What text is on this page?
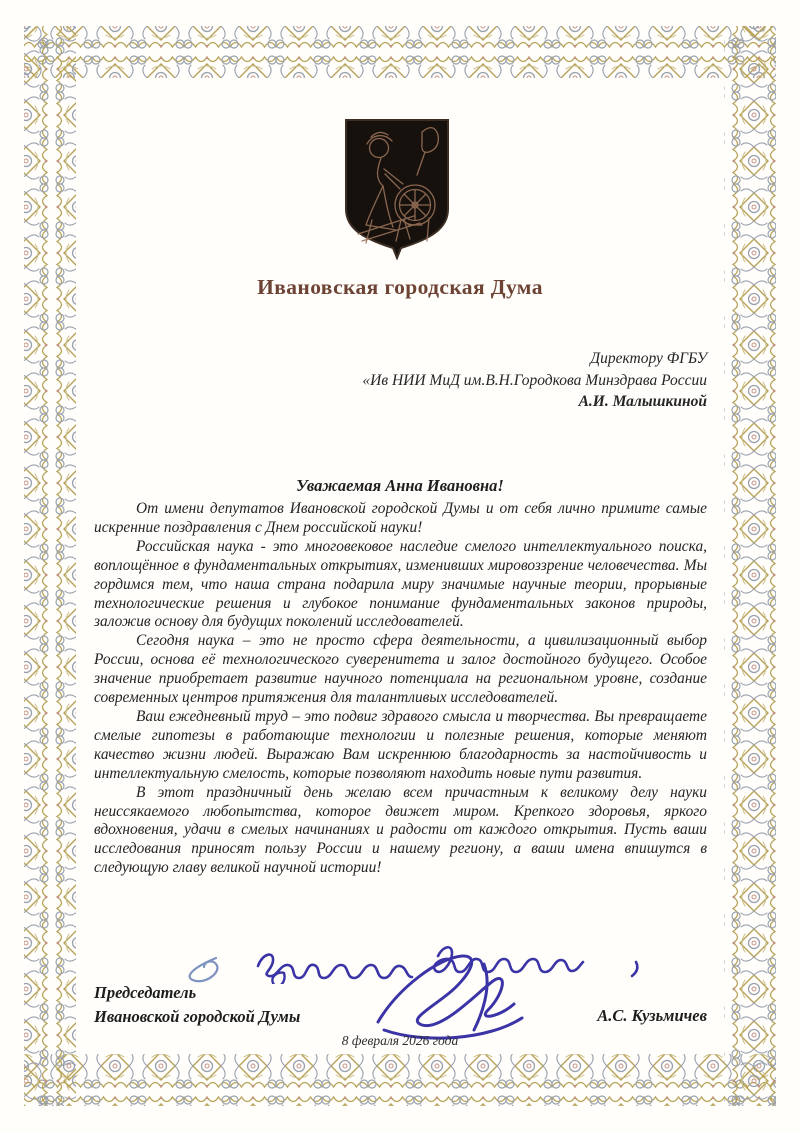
Ивановская городская Дума
Директору ФГБУ
«Ив НИИ МиД им.В.Н.Городкова Минздрава России
А.И. Малышкиной
Уважаемая Анна Ивановна!

От имени депутатов Ивановской городской Думы и от себя лично примите самые искренние поздравления с Днем российской науки!

Российская наука - это многовековое наследие смелого интеллектуального поиска, воплощённое в фундаментальных открытиях, изменивших мировоззрение человечества. Мы гордимся тем, что наша страна подарила миру значимые научные теории, прорывные технологические решения и глубокое понимание фундаментальных законов природы, заложив основу для будущих поколений исследователей.

Сегодня наука – это не просто сфера деятельности, а цивилизационный выбор России, основа её технологического суверенитета и залог достойного будущего. Особое значение приобретает развитие научного потенциала на региональном уровне, создание современных центров притяжения для талантливых исследователей.

Ваш ежедневный труд – это подвиг здравого смысла и творчества. Вы превращаете смелые гипотезы в работающие технологии и полезные решения, которые меняют качество жизни людей. Выражаю Вам искреннюю благодарность за настойчивость и интеллектуальную смелость, которые позволяют находить новые пути развития.

В этот праздничный день желаю всем причастным к великому делу науки неиссякаемого любопытства, которое движет миром. Крепкого здоровья, яркого вдохновения, удачи в смелых начинаниях и радости от каждого открытия. Пусть ваши исследования приносят пользу России и нашему региону, а ваши имена впишутся в следующую главу великой научной истории!

Председатель
Ивановской городской Думы	А.С. Кузьмичев
8 февраля 2026 года
